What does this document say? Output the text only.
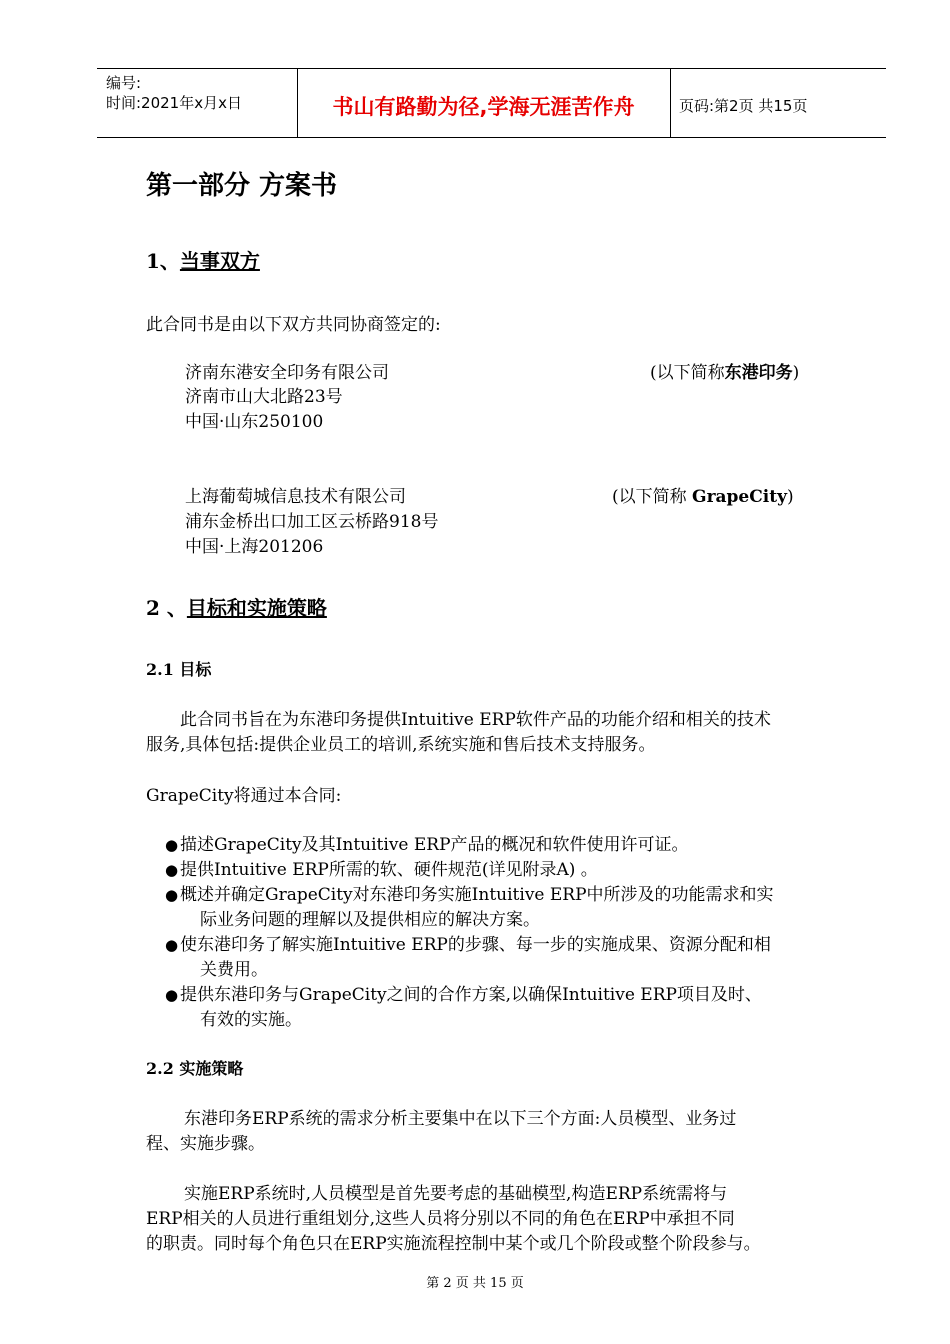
编号:
时间:2021年x月x日	书山有路勤为径,学海无涯苦作舟	页码:第2页 共15页
第一部分 方案书
1、当事双方
此合同书是由以下双方共同协商签定的:
济南东港安全印务有限公司	(以下简称东港印务)
济南市山大北路23号
中国·山东250100
上海葡萄城信息技术有限公司	(以下简称 GrapeCity)
浦东金桥出口加工区云桥路918号
中国·上海201206
2 、目标和实施策略
2.1 目标
此合同书旨在为东港印务提供Intuitive ERP软件产品的功能介绍和相关的技术
服务,具体包括:提供企业员工的培训,系统实施和售后技术支持服务。
GrapeCity将通过本合同:
● 描述GrapeCity及其Intuitive ERP产品的概况和软件使用许可证。
● 提供Intuitive ERP所需的软、硬件规范(详见附录A) 。
● 概述并确定GrapeCity对东港印务实施Intuitive ERP中所涉及的功能需求和实
际业务问题的理解以及提供相应的解决方案。
● 使东港印务了解实施Intuitive ERP的步骤、每一步的实施成果、资源分配和相
关费用。
● 提供东港印务与GrapeCity之间的合作方案,以确保Intuitive ERP项目及时、
有效的实施。
2.2 实施策略
东港印务ERP系统的需求分析主要集中在以下三个方面:人员模型、业务过
程、实施步骤。
实施ERP系统时,人员模型是首先要考虑的基础模型,构造ERP系统需将与
ERP相关的人员进行重组划分,这些人员将分别以不同的角色在ERP中承担不同
的职责。同时每个角色只在ERP实施流程控制中某个或几个阶段或整个阶段参与。
第 2 页 共 15 页
